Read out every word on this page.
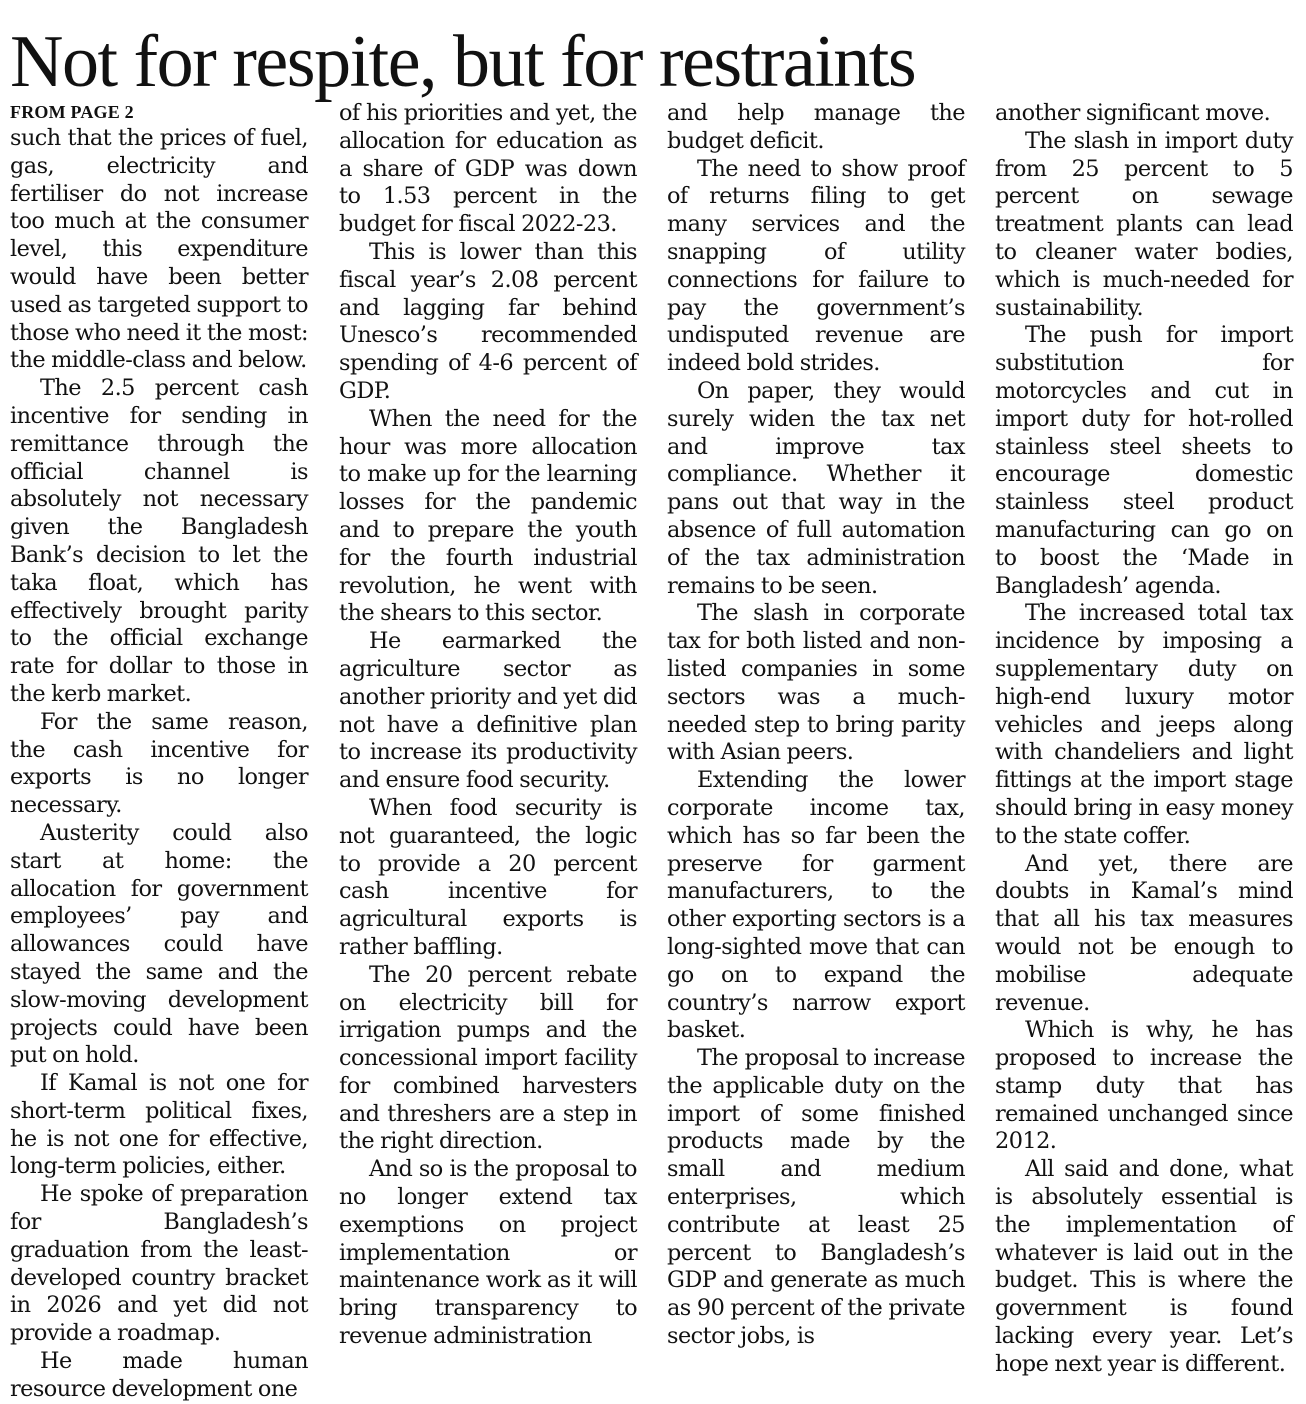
Not for respite, but for restraints
FROM PAGE 2

such that the prices of fuel, gas, electricity and fertiliser do not increase too much at the consumer level, this expenditure would have been better used as targeted support to those who need it the most: the middle-class and below.

The 2.5 percent cash incentive for sending in remittance through the official channel is absolutely not necessary given the Bangladesh Bank’s decision to let the taka float, which has effectively brought parity to the official exchange rate for dollar to those in the kerb market.

For the same reason, the cash incentive for exports is no longer necessary.

Austerity could also start at home: the allocation for government employees’ pay and allowances could have stayed the same and the slow-moving development projects could have been put on hold.

If Kamal is not one for short-term political fixes, he is not one for effective, long-term policies, either.

He spoke of preparation for Bangladesh’s graduation from the least-developed country bracket in 2026 and yet did not provide a roadmap.

He made human resource development one

of his priorities and yet, the allocation for education as a share of GDP was down to 1.53 percent in the budget for fiscal 2022-23.

This is lower than this fiscal year’s 2.08 percent and lagging far behind Unesco’s recommended spending of 4-6 percent of GDP.

When the need for the hour was more allocation to make up for the learning losses for the pandemic and to prepare the youth for the fourth industrial revolution, he went with the shears to this sector.

He earmarked the agriculture sector as another priority and yet did not have a definitive plan to increase its productivity and ensure food security.

When food security is not guaranteed, the logic to provide a 20 percent cash incentive for agricultural exports is rather baffling.

The 20 percent rebate on electricity bill for irrigation pumps and the concessional import facility for combined harvesters and threshers are a step in the right direction.

And so is the proposal to no longer extend tax exemptions on project implementation or maintenance work as it will bring transparency to revenue administration

and help manage the budget deficit.

The need to show proof of returns filing to get many services and the snapping of utility connections for failure to pay the government’s undisputed revenue are indeed bold strides.

On paper, they would surely widen the tax net and improve tax compliance. Whether it pans out that way in the absence of full automation of the tax administration remains to be seen.

The slash in corporate tax for both listed and non-listed companies in some sectors was a much-needed step to bring parity with Asian peers.

Extending the lower corporate income tax, which has so far been the preserve for garment manufacturers, to the other exporting sectors is a long-sighted move that can go on to expand the country’s narrow export basket.

The proposal to increase the applicable duty on the import of some finished products made by the small and medium enterprises, which contribute at least 25 percent to Bangladesh’s GDP and generate as much as 90 percent of the private sector jobs, is

another significant move.

The slash in import duty from 25 percent to 5 percent on sewage treatment plants can lead to cleaner water bodies, which is much-needed for sustainability.

The push for import substitution for motorcycles and cut in import duty for hot-rolled stainless steel sheets to encourage domestic stainless steel product manufacturing can go on to boost the ‘Made in Bangladesh’ agenda.

The increased total tax incidence by imposing a supplementary duty on high-end luxury motor vehicles and jeeps along with chandeliers and light fittings at the import stage should bring in easy money to the state coffer.

And yet, there are doubts in Kamal’s mind that all his tax measures would not be enough to mobilise adequate revenue.

Which is why, he has proposed to increase the stamp duty that has remained unchanged since 2012.

All said and done, what is absolutely essential is the implementation of whatever is laid out in the budget. This is where the government is found lacking every year. Let’s hope next year is different.
